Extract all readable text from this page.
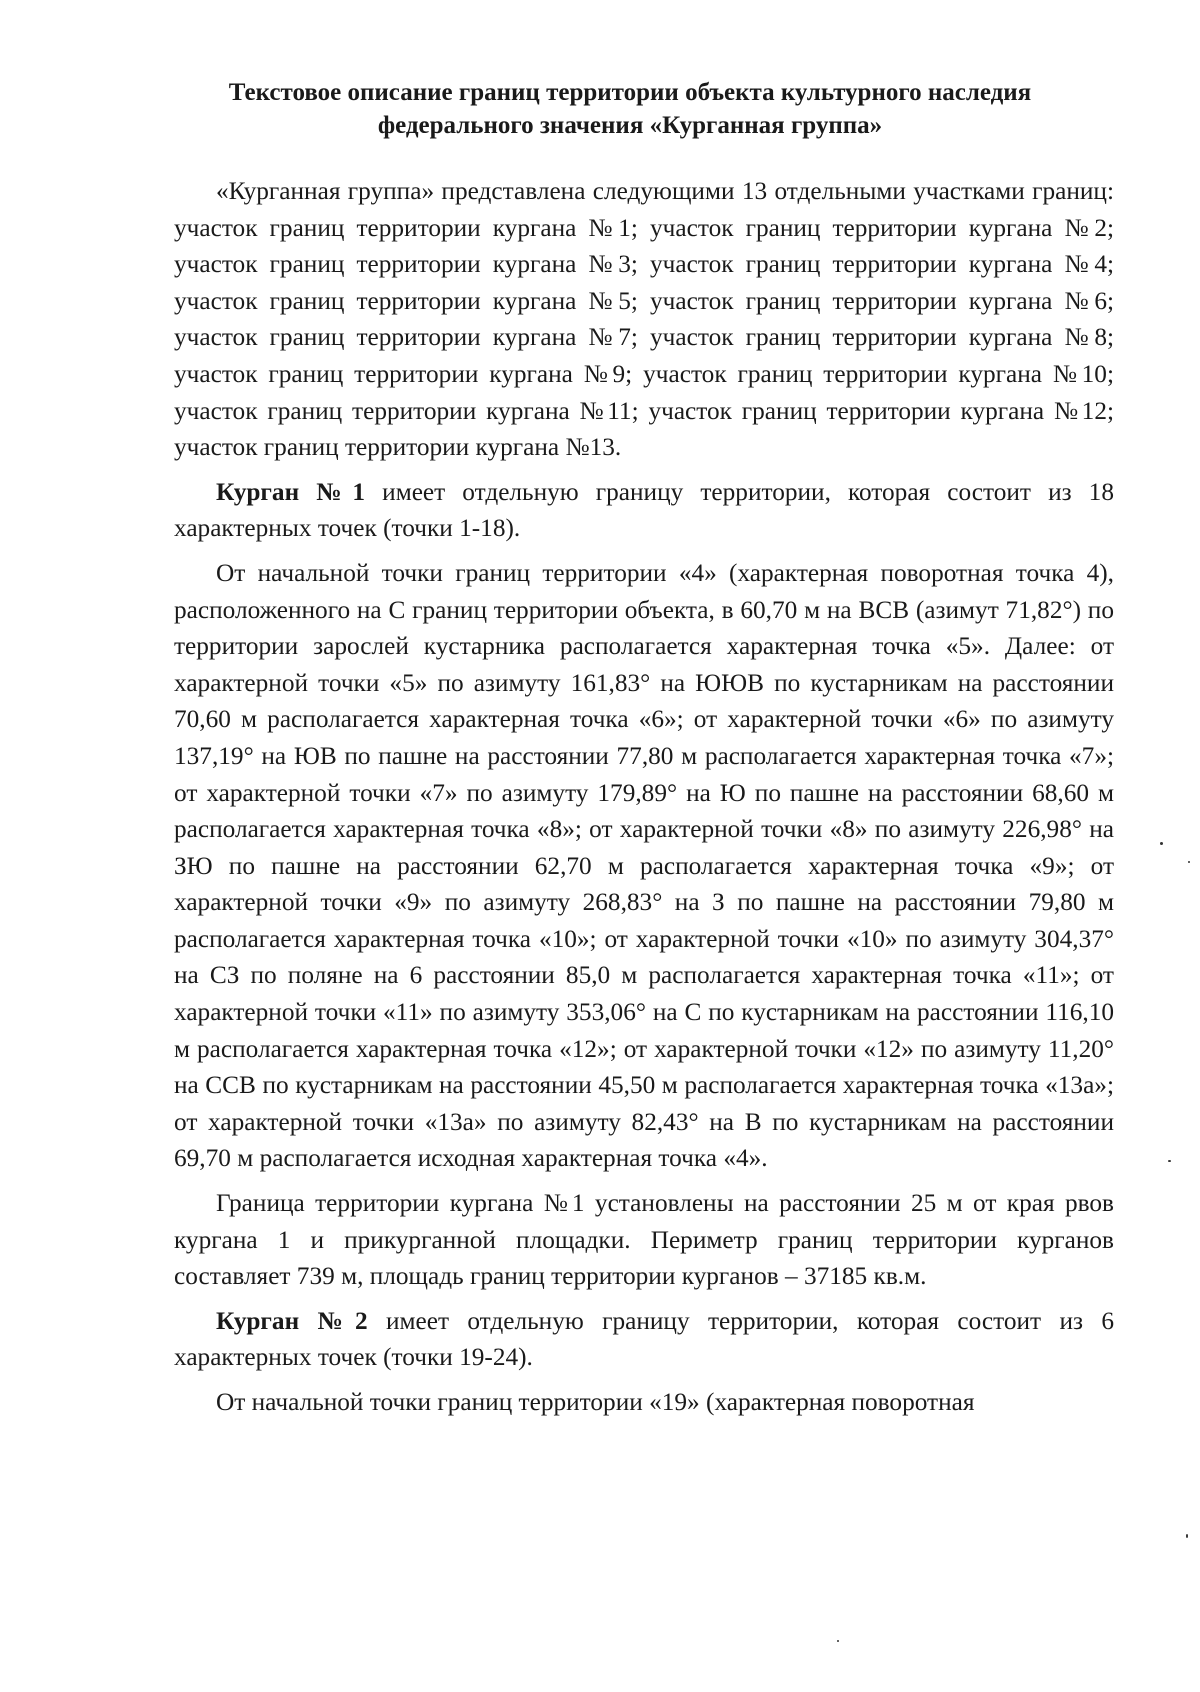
Текстовое описание границ территории объекта культурного наследия
федерального значения «Курганная группа»

«Курганная группа» представлена следующими 13 отдельными участками границ: участок границ территории кургана №1; участок границ территории кургана №2; участок границ территории кургана №3; участок границ территории кургана №4; участок границ территории кургана №5; участок границ территории кургана №6; участок границ территории кургана №7; участок границ территории кургана №8; участок границ территории кургана №9; участок границ территории кургана №10; участок границ территории кургана №11; участок границ территории кургана №12; участок границ территории кургана №13.

Курган №1 имеет отдельную границу территории, которая состоит из 18 характерных точек (точки 1-18).

От начальной точки границ территории «4» (характерная поворотная точка 4), расположенного на С границ территории объекта, в 60,70 м на ВСВ (азимут 71,82°) по территории зарослей кустарника располагается характерная точка «5». Далее: от характерной точки «5» по азимуту 161,83° на ЮЮВ по кустарникам на расстоянии 70,60 м располагается характерная точка «6»; от характерной точки «6» по азимуту 137,19° на ЮВ по пашне на расстоянии 77,80 м располагается характерная точка «7»; от характерной точки «7» по азимуту 179,89° на Ю по пашне на расстоянии 68,60 м располагается характерная точка «8»; от характерной точки «8» по азимуту 226,98° на ЗЮ по пашне на расстоянии 62,70 м располагается характерная точка «9»; от характерной точки «9» по азимуту 268,83° на З по пашне на расстоянии 79,80 м располагается характерная точка «10»; от характерной точки «10» по азимуту 304,37° на СЗ по поляне на 6 расстоянии 85,0 м располагается характерная точка «11»; от характерной точки «11» по азимуту 353,06° на С по кустарникам на расстоянии 116,10 м располагается характерная точка «12»; от характерной точки «12» по азимуту 11,20° на ССВ по кустарникам на расстоянии 45,50 м располагается характерная точка «13а»; от характерной точки «13а» по азимуту 82,43° на В по кустарникам на расстоянии 69,70 м располагается исходная характерная точка «4».

Граница территории кургана №1 установлены на расстоянии 25 м от края рвов кургана 1 и прикурганной площадки. Периметр границ территории курганов составляет 739 м, площадь границ территории курганов – 37185 кв.м.

Курган №2 имеет отдельную границу территории, которая состоит из 6 характерных точек (точки 19-24).

От начальной точки границ территории «19» (характерная поворотная
